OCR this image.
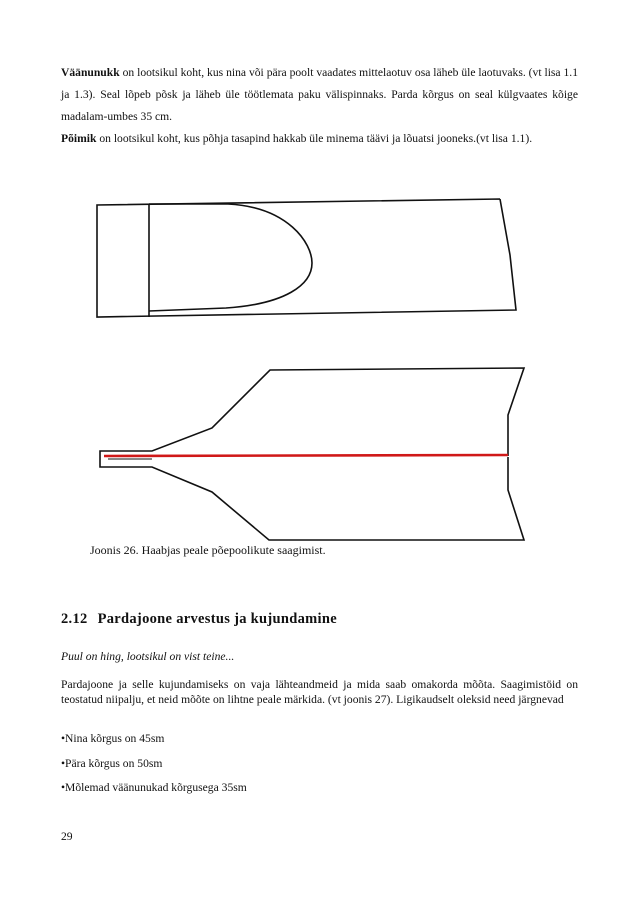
Väänunukk on lootsikul koht, kus nina või pära poolt vaadates mittelaotuv osa läheb üle laotuvaks. (vt lisa 1.1 ja 1.3). Seal lõpeb põsk ja läheb üle töötlemata paku välispinnaks. Parda kõrgus on seal külgvaates kõige madalam-umbes 35 cm.
Põimik on lootsikul koht, kus põhja tasapind hakkab üle minema täävi ja lõuatsi jooneks.(vt lisa 1.1).
Joonis 26. Haabjas peale põepoolikute saagimist.
2.12 Pardajoone arvestus ja kujundamine
Puul on hing, lootsikul on vist teine...
Pardajoone ja selle kujundamiseks on vaja lähteandmeid ja mida saab omakorda mõõta. Saagimistöid on teostatud niipalju, et neid mõõte on lihtne peale märkida. (vt joonis 27). Ligikaudselt oleksid need järgnevad
•Nina kõrgus on 45sm
•Pära kõrgus on 50sm
•Mõlemad väänunukad kõrgusega 35sm
29
